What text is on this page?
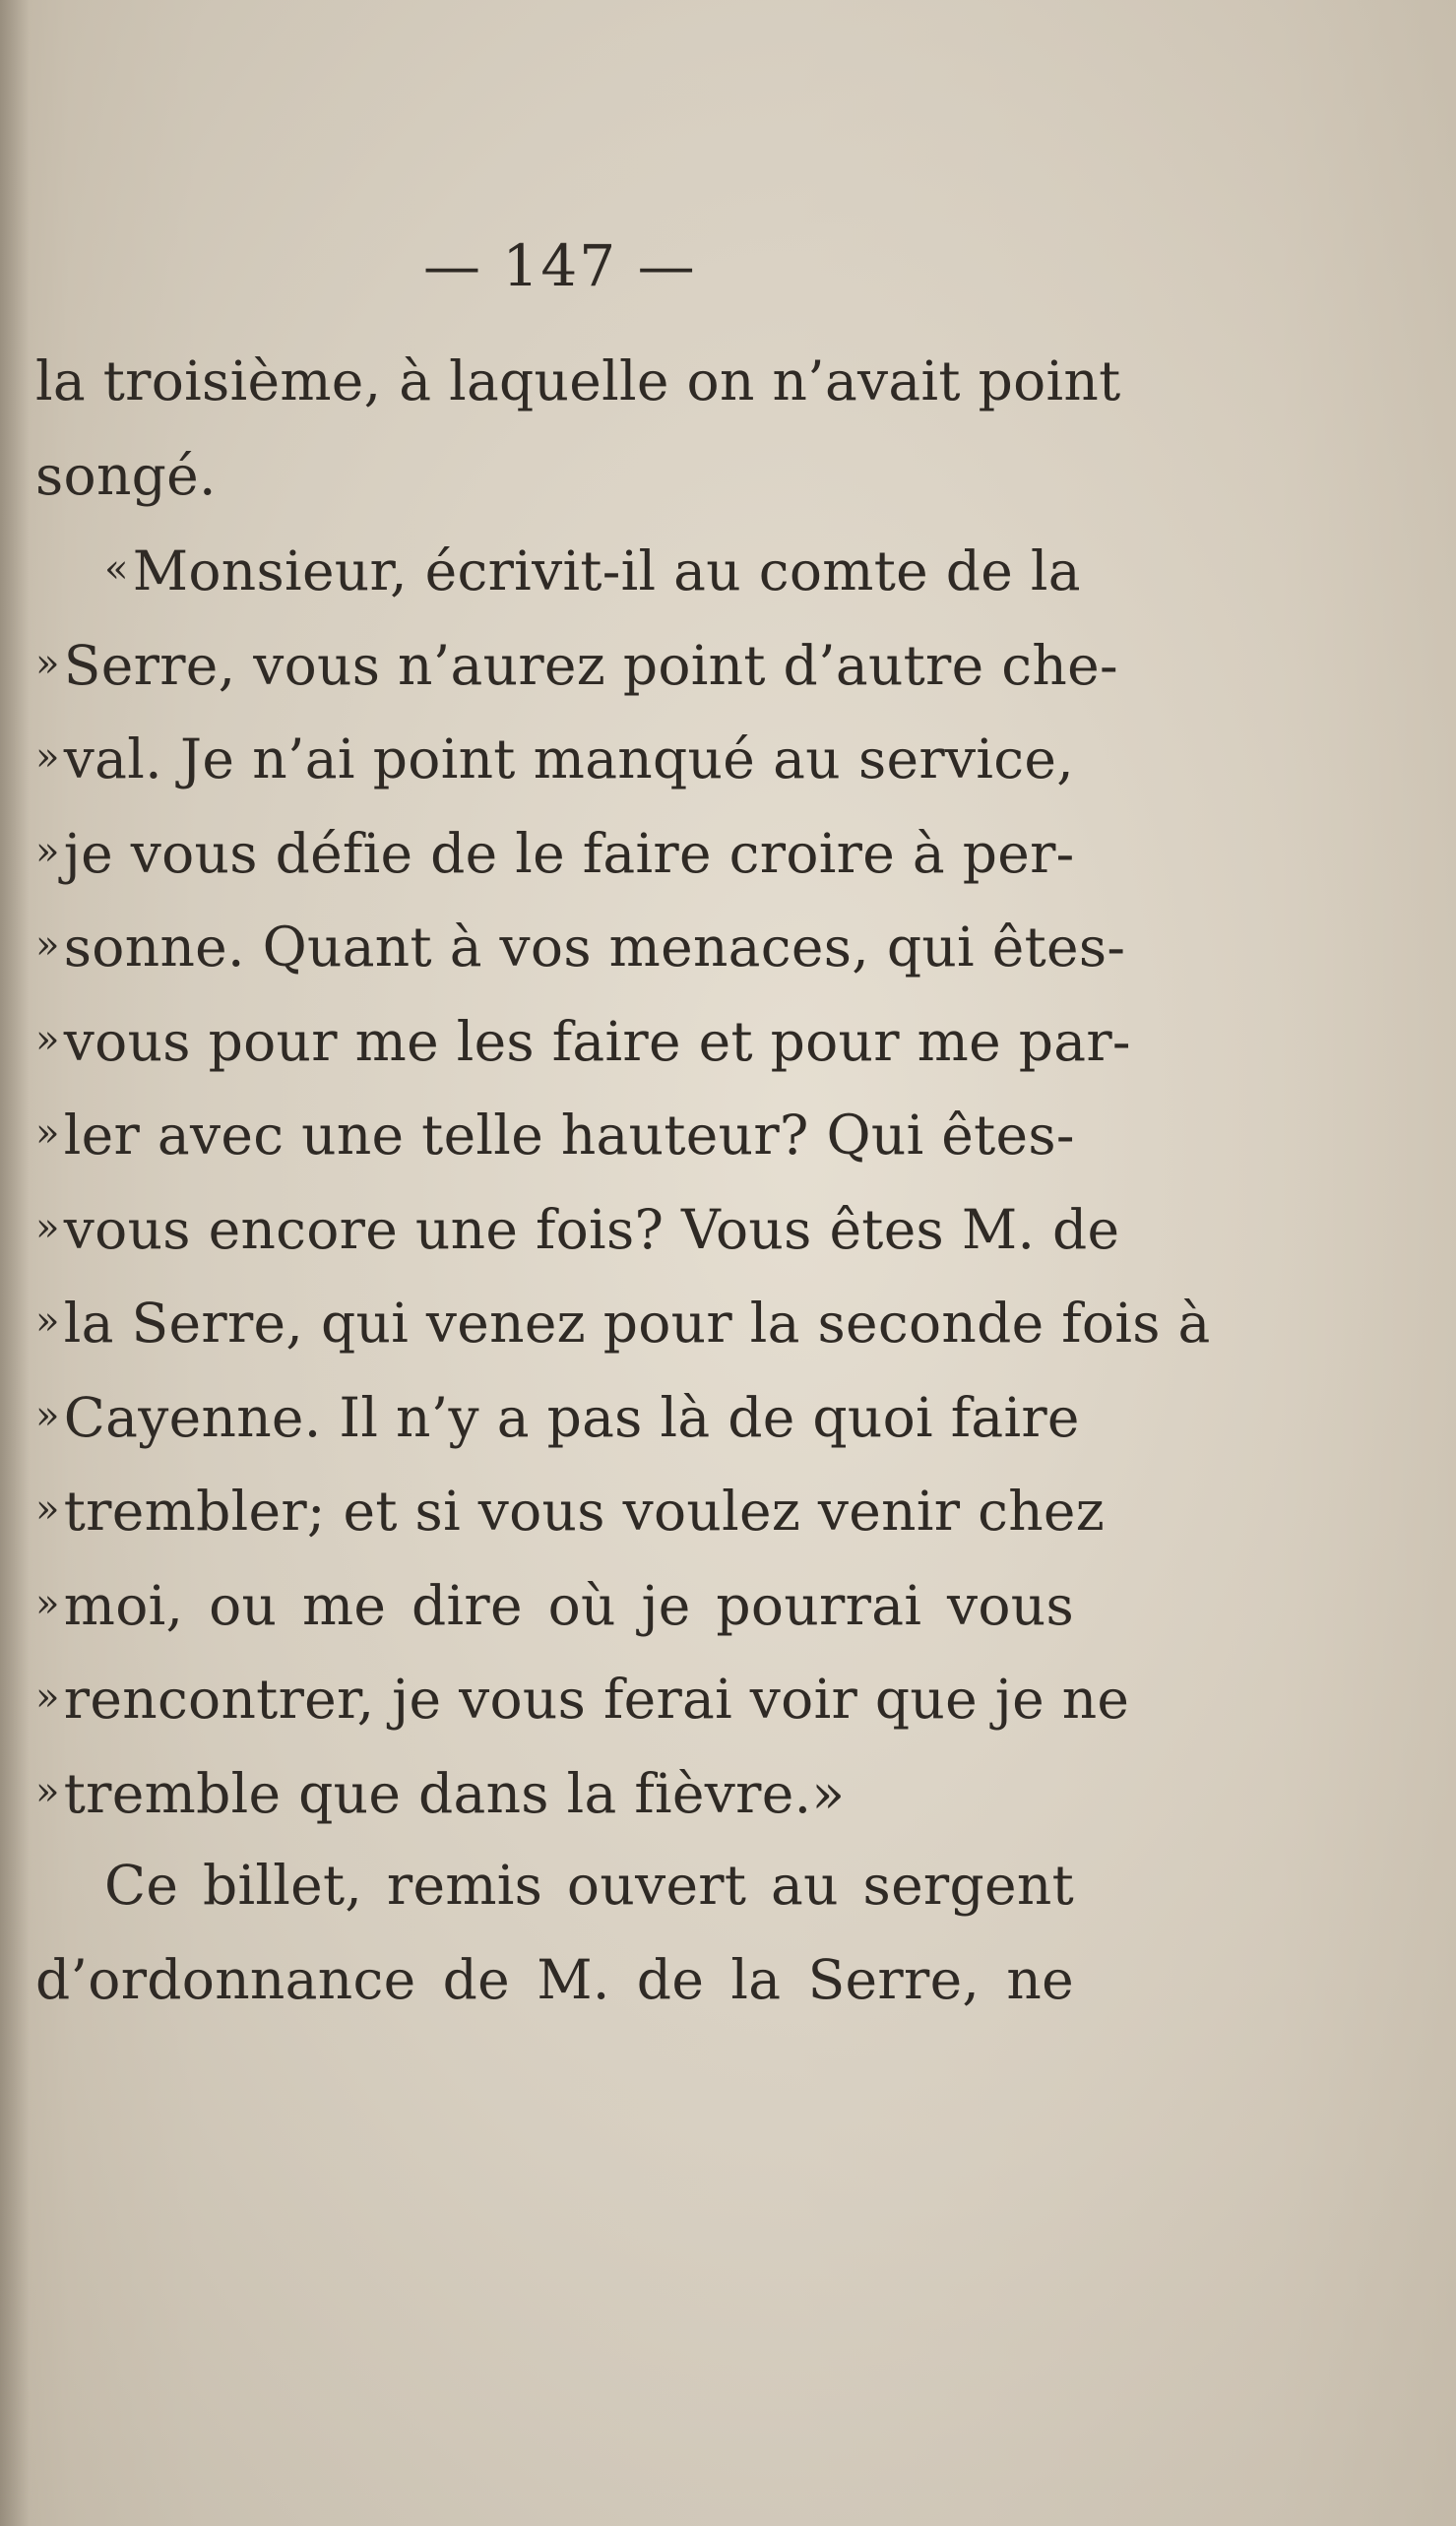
— 147 —
la troisième, à laquelle on n’avait point
songé.
«Monsieur, écrivit-il au comte de la
»Serre, vous n’aurez point d’autre che-
»val. Je n’ai point manqué au service,
»je vous défie de le faire croire à per-
»sonne. Quant à vos menaces, qui êtes-
»vous pour me les faire et pour me par-
»ler avec une telle hauteur? Qui êtes-
»vous encore une fois? Vous êtes M. de
»la Serre, qui venez pour la seconde fois à
»Cayenne. Il n’y a pas là de quoi faire
»trembler; et si vous voulez venir chez
»moi, ou me dire où je pourrai vous
»rencontrer, je vous ferai voir que je ne
»tremble que dans la fièvre.»
Ce billet, remis ouvert au sergent
d’ordonnance de M. de la Serre, ne
